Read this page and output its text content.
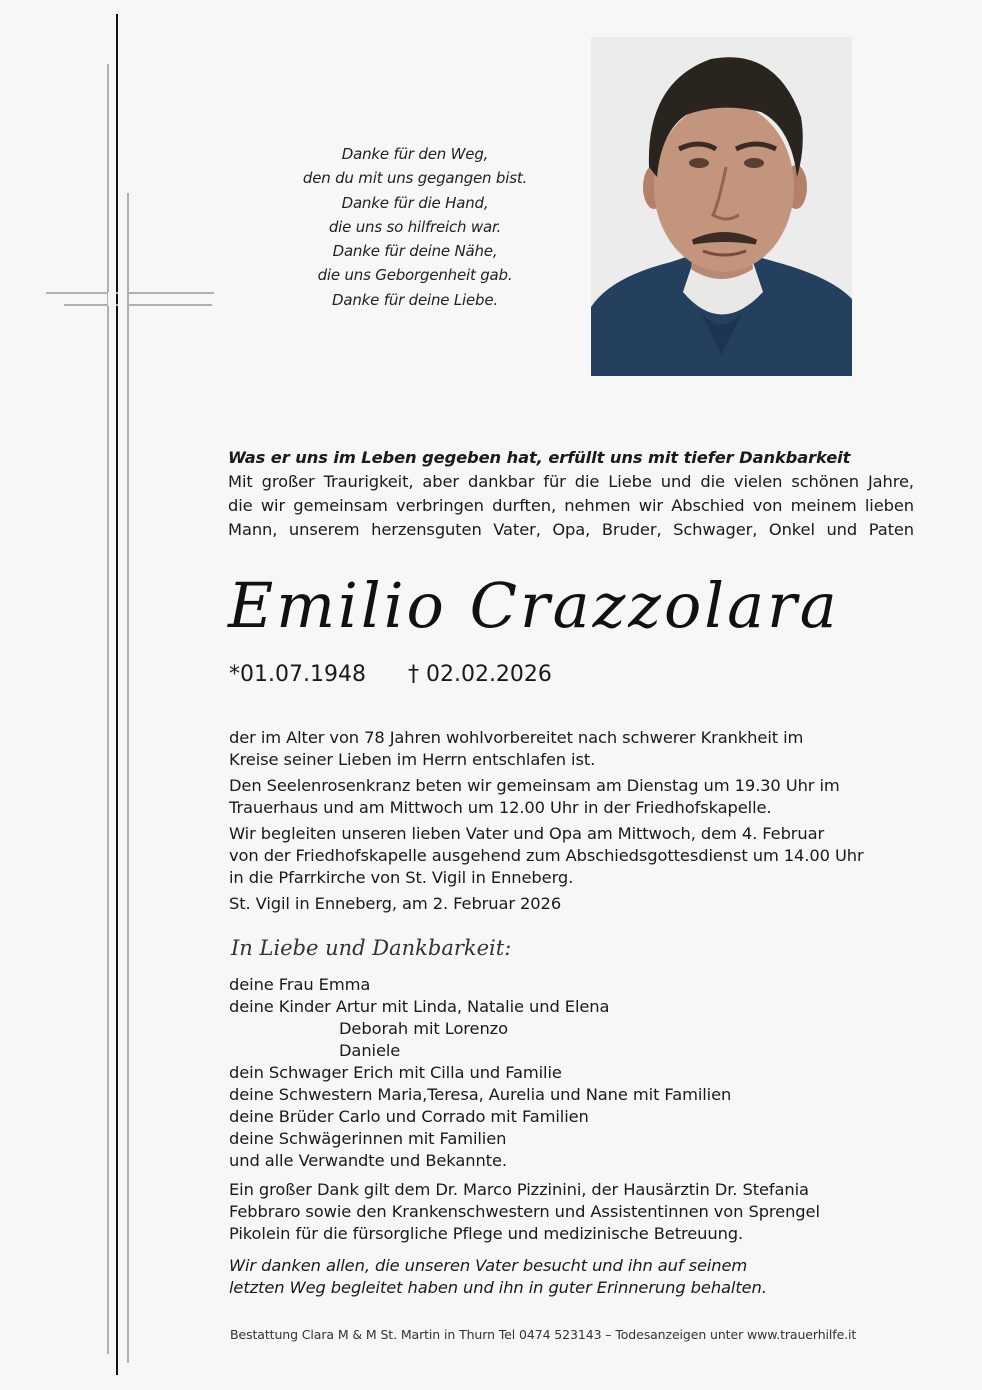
Danke für den Weg,
den du mit uns gegangen bist.
Danke für die Hand,
die uns so hilfreich war.
Danke für deine Nähe,
die uns Geborgenheit gab.
Danke für deine Liebe.
Was er uns im Leben gegeben hat, erfüllt uns mit tiefer Dankbarkeit
Mit großer Traurigkeit, aber dankbar für die Liebe und die vielen schönen Jahre,
die wir gemeinsam verbringen durften, nehmen wir Abschied von meinem lieben
Mann, unserem herzensguten Vater, Opa, Bruder, Schwager, Onkel und Paten
Emilio Crazzolara
*01.07.1948 † 02.02.2026

der im Alter von 78 Jahren wohlvorbereitet nach schwerer Krankheit im
Kreise seiner Lieben im Herrn entschlafen ist.

Den Seelenrosenkranz beten wir gemeinsam am Dienstag um 19.30 Uhr im
Trauerhaus und am Mittwoch um 12.00 Uhr in der Friedhofskapelle.

Wir begleiten unseren lieben Vater und Opa am Mittwoch, dem 4. Februar
von der Friedhofskapelle ausgehend zum Abschiedsgottesdienst um 14.00 Uhr
in die Pfarrkirche von St. Vigil in Enneberg.

St. Vigil in Enneberg, am 2. Februar 2026

In Liebe und Dankbarkeit:
deine Frau Emma
deine Kinder Artur mit Linda, Natalie und Elena
Deborah mit Lorenzo
Daniele
dein Schwager Erich mit Cilla und Familie
deine Schwestern Maria,Teresa, Aurelia und Nane mit Familien
deine Brüder Carlo und Corrado mit Familien
deine Schwägerinnen mit Familien
und alle Verwandte und Bekannte.
Ein großer Dank gilt dem Dr. Marco Pizzinini, der Hausärztin Dr. Stefania
Febbraro sowie den Krankenschwestern und Assistentinnen von Sprengel
Pikolein für die fürsorgliche Pflege und medizinische Betreuung.
Wir danken allen, die unseren Vater besucht und ihn auf seinem
letzten Weg begleitet haben und ihn in guter Erinnerung behalten.
Bestattung Clara M & M St. Martin in Thurn Tel 0474 523143 – Todesanzeigen unter www.trauerhilfe.it
